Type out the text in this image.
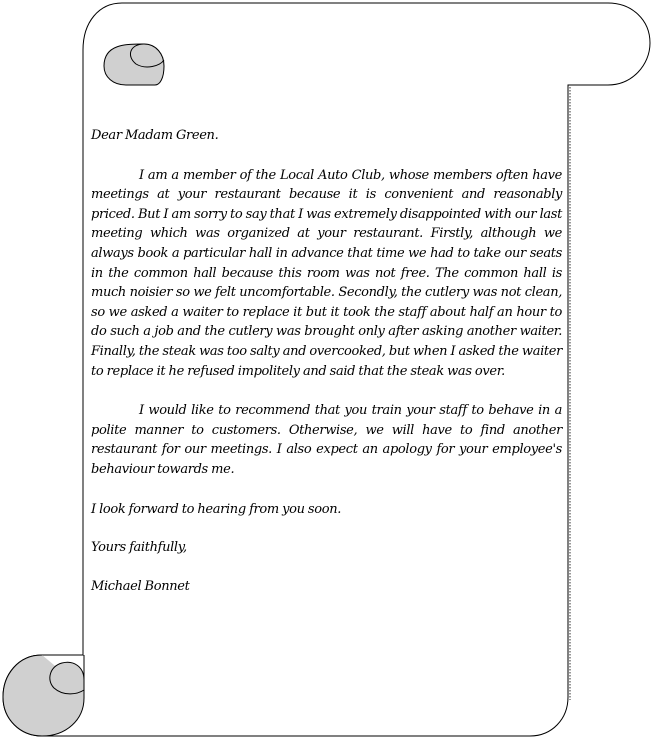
Dear Madam Green.

I am a member of the Local Auto Club, whose members often have meetings at your restaurant because it is convenient and reasonably priced. But I am sorry to say that I was extremely disappointed with our last meeting which was organized at your restaurant. Firstly, although we always book a particular hall in advance that time we had to take our seats in the common hall because this room was not free. The common hall is much noisier so we felt uncomfortable. Secondly, the cutlery was not clean, so we asked a waiter to replace it but it took the staff about half an hour to do such a job and the cutlery was brought only after asking another waiter. Finally, the steak was too salty and overcooked, but when I asked the waiter to replace it he refused impolitely and said that the steak was over.

I would like to recommend that you train your staff to behave in a polite manner to customers. Otherwise, we will have to find another restaurant for our meetings. I also expect an apology for your employee's behaviour towards me.

I look forward to hearing from you soon.

Yours faithfully,

Michael Bonnet
